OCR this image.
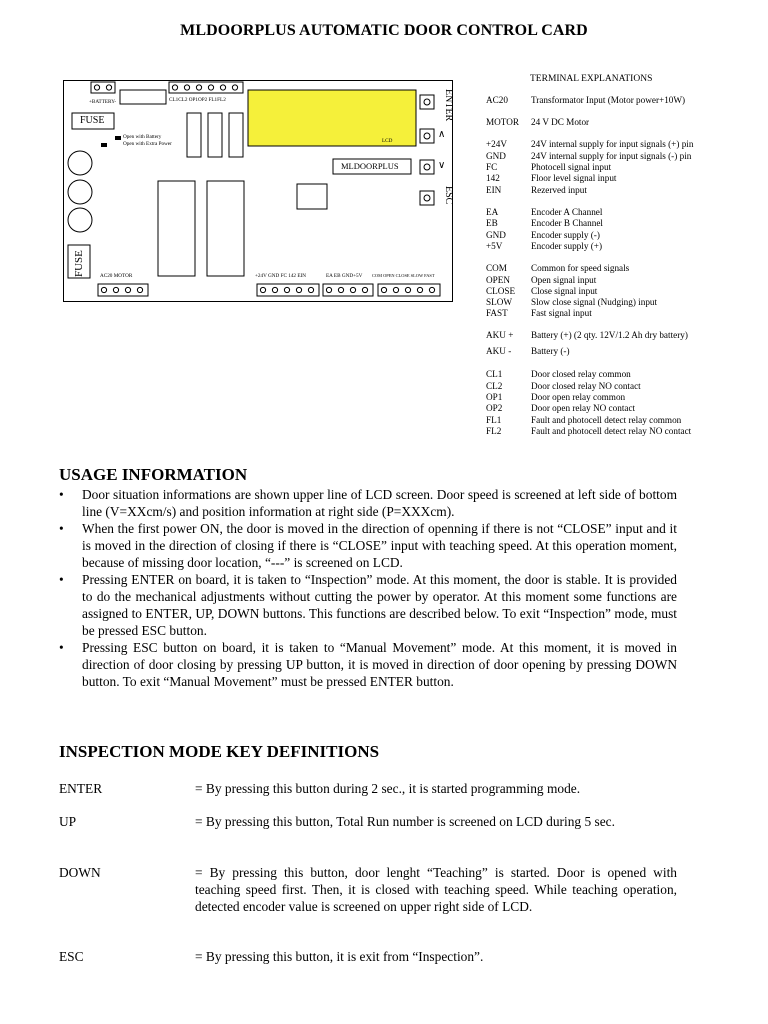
MLDOORPLUS AUTOMATIC DOOR CONTROL CARD
+BATTERY-	CL1CL2 OP1OP2 FL1FL2
FUSE
Open with Battery
Open with Extra Power	LCD
MLDOORPLUS
ENTER
∧
∨
ESC
FUSE	AC20 MOTOR	+24V GND FC 142 EIN	EA EB GND+5V COM OPEN CLOSE SLOW FAST
TERMINAL EXPLANATIONS
AC20	Transformator Input (Motor power+10W)
MOTOR 24 V DC Motor
+24V	24V internal supply for input signals (+) pin
GND	24V internal supply for input signals (-) pin
FC	Photocell signal input
142	Floor level signal input
EIN	Rezerved input
EA	Encoder A Channel
EB	Encoder B Channel
GND	Encoder supply (-)
+5V	Encoder supply (+)
COM	Common for speed signals
OPEN Open signal input
CLOSE Close signal input
SLOW Slow close signal (Nudging) input
FAST	Fast signal input
AKU + Battery (+) (2 qty. 12V/1.2 Ah dry battery)
AKU - Battery (-)
CL1	Door closed relay common
CL2	Door closed relay NO contact
OP1	Door open relay common
OP2	Door open relay NO contact
FL1	Fault and photocell detect relay common
FL2	Fault and photocell detect relay NO contact
USAGE INFORMATION
• Door situation informations are shown upper line of LCD screen. Door speed is screened at left side of bottom line (V=XXcm/s) and position information at right side (P=XXXcm).
• When the first power ON, the door is moved in the direction of openning if there is not “CLOSE” input and it is moved in the direction of closing if there is “CLOSE” input with teaching speed. At this operation moment, because of missing door location, “---” is screened on LCD.
• Pressing ENTER on board, it is taken to “Inspection” mode. At this moment, the door is stable. It is provided to do the mechanical adjustments without cutting the power by operator. At this moment some functions are assigned to ENTER, UP, DOWN buttons. This functions are described below. To exit “Inspection” mode, must be pressed ESC button.
• Pressing ESC button on board, it is taken to “Manual Movement” mode. At this moment, it is moved in direction of door closing by pressing UP button, it is moved in direction of door opening by pressing DOWN button. To exit “Manual Movement” must be pressed ENTER button.
INSPECTION MODE KEY DEFINITIONS
ENTER	= By pressing this button during 2 sec., it is started programming mode.
UP	= By pressing this button, Total Run number is screened on LCD during 5 sec.
DOWN	= By pressing this button, door lenght “Teaching” is started. Door is opened with teaching speed first. Then, it is closed with teaching speed. While teaching operation, detected encoder value is screened on upper right side of LCD.
ESC	= By pressing this button, it is exit from “Inspection”.
